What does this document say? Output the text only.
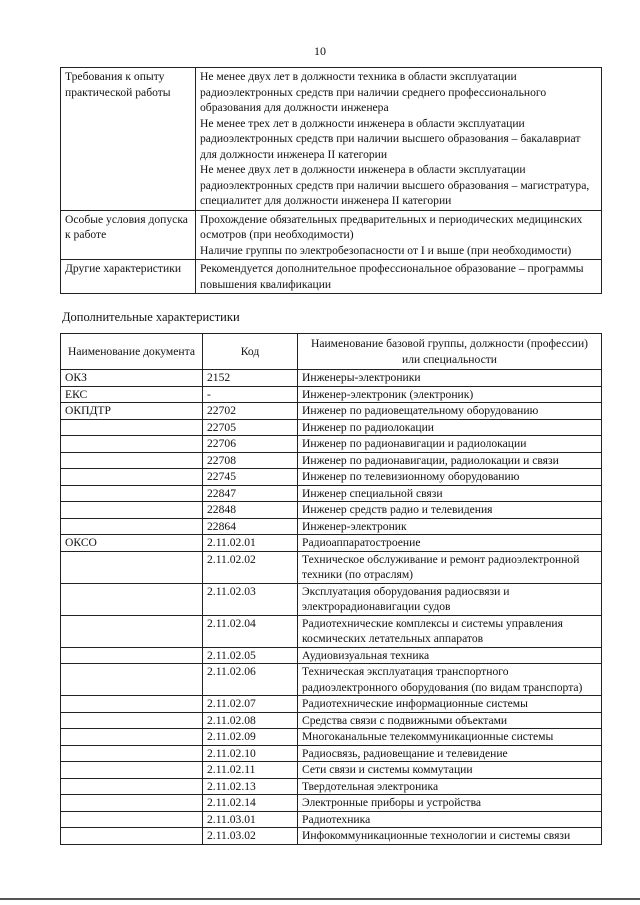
10
Требования к опыту практической работы	Не менее двух лет в должности техника в области эксплуатации радиоэлектронных средств при наличии среднего профессионального образования для должности инженера
Не менее трех лет в должности инженера в области эксплуатации радиоэлектронных средств при наличии высшего образования – бакалавриат для должности инженера II категории
Не менее двух лет в должности инженера в области эксплуатации радиоэлектронных средств при наличии высшего образования – магистратура, специалитет для должности инженера II категории

Особые условия допуска к работе	Прохождение обязательных предварительных и периодических медицинских осмотров (при необходимости)
Наличие группы по электробезопасности от I и выше (при необходимости)

Другие характеристики	Рекомендуется дополнительное профессиональное образование – программы повышения квалификации
Дополнительные характеристики
Наименование документа	Код	Наименование базовой группы, должности (профессии) или специальности
ОКЗ	2152	Инженеры-электроники
ЕКС	-	Инженер-электроник (электроник)
ОКПДТР	22702	Инженер по радиовещательному оборудованию
	22705	Инженер по радиолокации
	22706	Инженер по радионавигации и радиолокации
	22708	Инженер по радионавигации, радиолокации и связи
	22745	Инженер по телевизионному оборудованию
	22847	Инженер специальной связи
	22848	Инженер средств радио и телевидения
	22864	Инженер-электроник
ОКСО	2.11.02.01	Радиоаппаратостроение
	2.11.02.02	Техническое обслуживание и ремонт радиоэлектронной техники (по отраслям)
	2.11.02.03	Эксплуатация оборудования радиосвязи и электрорадионавигации судов
	2.11.02.04	Радиотехнические комплексы и системы управления космических летательных аппаратов
	2.11.02.05	Аудиовизуальная техника
	2.11.02.06	Техническая эксплуатация транспортного радиоэлектронного оборудования (по видам транспорта)
	2.11.02.07	Радиотехнические информационные системы
	2.11.02.08	Средства связи с подвижными объектами
	2.11.02.09	Многоканальные телекоммуникационные системы
	2.11.02.10	Радиосвязь, радиовещание и телевидение
	2.11.02.11	Сети связи и системы коммутации
	2.11.02.13	Твердотельная электроника
	2.11.02.14	Электронные приборы и устройства
	2.11.03.01	Радиотехника
	2.11.03.02	Инфокоммуникационные технологии и системы связи
